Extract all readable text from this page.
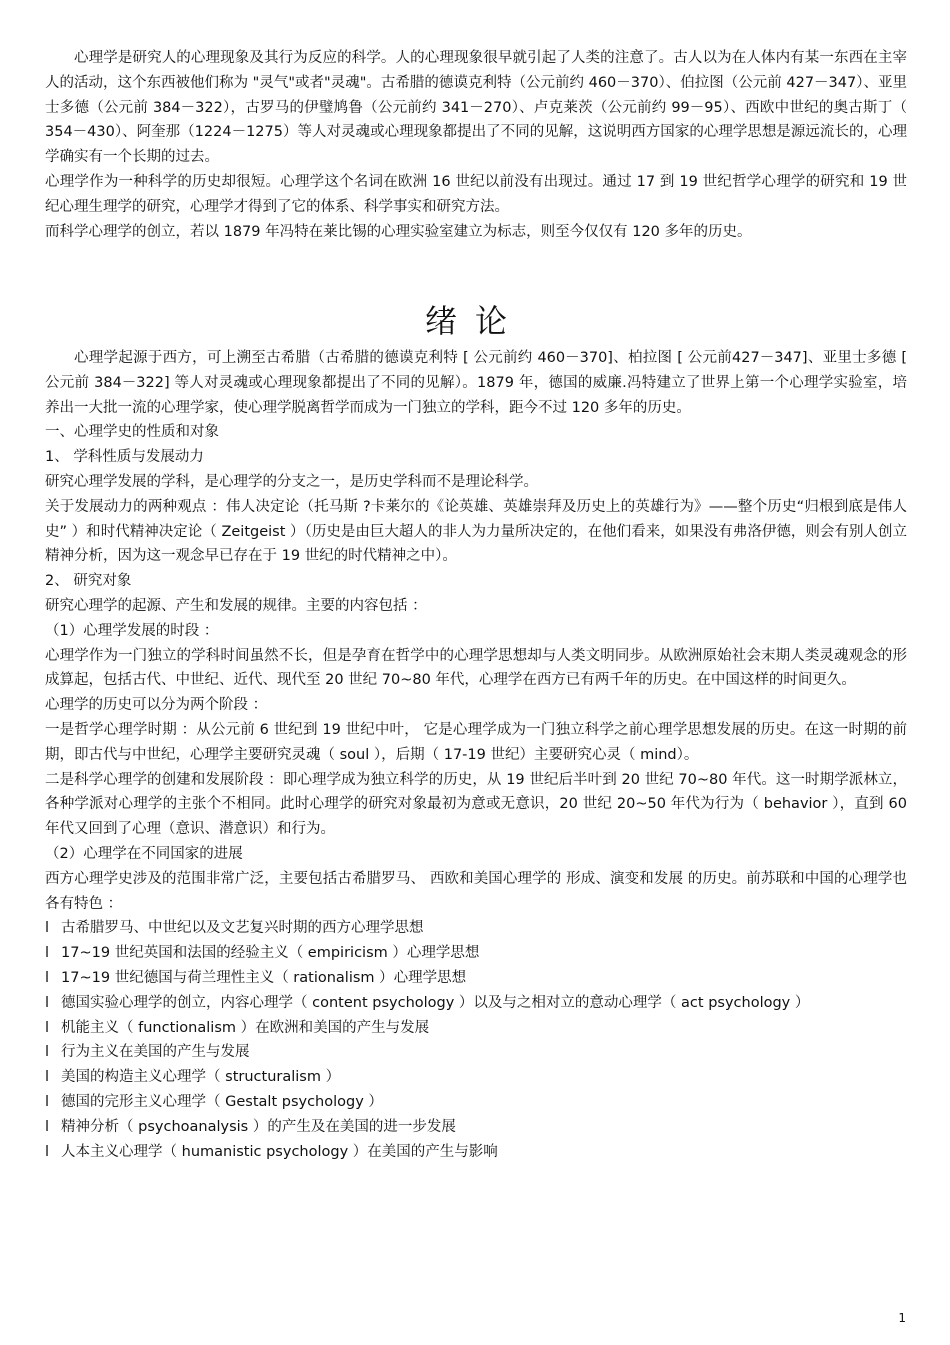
心理学是研究人的心理现象及其行为反应的科学。人的心理现象很早就引起了人类的注意了。古人以为在人体内有某一东西在主宰人的活动，这个东西被他们称为 "灵气"或者"灵魂"。古希腊的德谟克利特（公元前约 460－370）、伯拉图（公元前 427－347）、亚里士多德（公元前 384－322），古罗马的伊璧鸠鲁（公元前约 341－270）、卢克莱茨（公元前约 99－95）、西欧中世纪的奥古斯丁（ 354－430）、阿奎那（1224－1275）等人对灵魂或心理现象都提出了不同的见解，这说明西方国家的心理学思想是源远流长的，心理学确实有一个长期的过去。
心理学作为一种科学的历史却很短。心理学这个名词在欧洲 16 世纪以前没有出现过。通过 17 到 19 世纪哲学心理学的研究和 19 世纪心理生理学的研究，心理学才得到了它的体系、科学事实和研究方法。
而科学心理学的创立，若以 1879 年冯特在莱比锡的心理实验室建立为标志，则至今仅仅有 120 多年的历史。
绪论
心理学起源于西方，可上溯至古希腊（古希腊的德谟克利特 [ 公元前约 460－370]、柏拉图 [ 公元前427－347]、亚里士多德 [ 公元前 384－322] 等人对灵魂或心理现象都提出了不同的见解）。1879 年，德国的威廉.冯特建立了世界上第一个心理学实验室，培养出一大批一流的心理学家，使心理学脱离哲学而成为一门独立的学科，距今不过 120 多年的历史。
一、心理学史的性质和对象
1、 学科性质与发展动力
研究心理学发展的学科，是心理学的分支之一，是历史学科而不是理论科学。
关于发展动力的两种观点 ：伟人决定论（托马斯 ?卡莱尔的《论英雄、英雄崇拜及历史上的英雄行为》——整个历史“归根到底是伟人史” ）和时代精神决定论（ Zeitgeist ）（历史是由巨大超人的非人为力量所决定的，在他们看来，如果没有弗洛伊德，则会有别人创立精神分析，因为这一观念早已存在于 19 世纪的时代精神之中）。
2、 研究对象
研究心理学的起源、产生和发展的规律。主要的内容包括 ：
（1）心理学发展的时段 ：
心理学作为一门独立的学科时间虽然不长，但是孕育在哲学中的心理学思想却与人类文明同步。从欧洲原始社会末期人类灵魂观念的形成算起，包括古代、中世纪、近代、现代至 20 世纪 70~80 年代，心理学在西方已有两千年的历史。在中国这样的时间更久。
心理学的历史可以分为两个阶段 ：
一是哲学心理学时期 ：从公元前 6 世纪到 19 世纪中叶， 它是心理学成为一门独立科学之前心理学思想发展的历史。在这一时期的前期，即古代与中世纪，心理学主要研究灵魂（ soul ），后期（ 17-19 世纪）主要研究心灵（ mind）。
二是科学心理学的创建和发展阶段 ：即心理学成为独立科学的历史，从 19 世纪后半叶到 20 世纪 70~80 年代。这一时期学派林立，各种学派对心理学的主张个不相同。此时心理学的研究对象最初为意或无意识，20 世纪 20~50 年代为行为（ behavior ），直到 60 年代又回到了心理（意识、潜意识）和行为。
（2）心理学在不同国家的进展
西方心理学史涉及的范围非常广泛，主要包括古希腊罗马、 西欧和美国心理学的 形成、演变和发展 的历史。前苏联和中国的心理学也各有特色 ：
l 古希腊罗马、中世纪以及文艺复兴时期的西方心理学思想
l 17~19 世纪英国和法国的经验主义（ empiricism ）心理学思想
l 17~19 世纪德国与荷兰理性主义（ rationalism ）心理学思想
l 德国实验心理学的创立，内容心理学（ content psychology ）以及与之相对立的意动心理学（ act psychology ）
l 机能主义（ functionalism ）在欧洲和美国的产生与发展
l 行为主义在美国的产生与发展
l 美国的构造主义心理学（ structuralism ）
l 德国的完形主义心理学（ Gestalt psychology ）
l 精神分析（ psychoanalysis ）的产生及在美国的进一步发展
l 人本主义心理学（ humanistic psychology ）在美国的产生与影响
1
